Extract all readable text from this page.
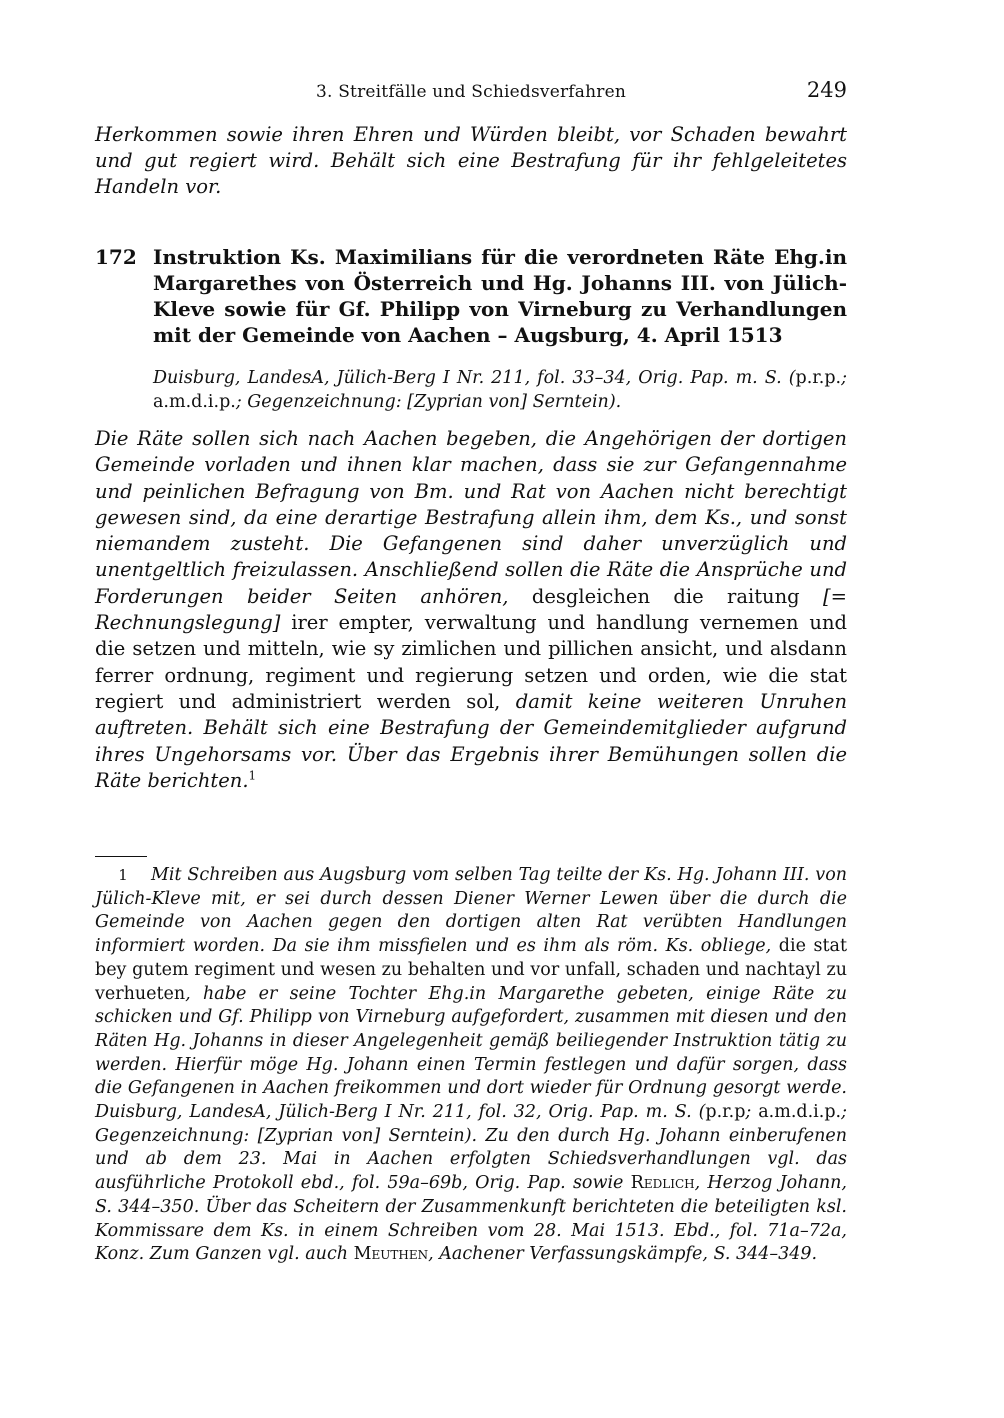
3. Streitfälle und Schiedsverfahren	249

Herkommen sowie ihren Ehren und Würden bleibt, vor Schaden bewahrt und gut regiert wird. Behält sich eine Bestrafung für ihr fehlgeleitetes Handeln vor.

172 Instruktion Ks. Maximilians für die verordneten Räte Ehg.in Margarethes von Österreich und Hg. Johanns III. von Jülich-Kleve sowie für Gf. Philipp von Virneburg zu Verhandlungen mit der Gemeinde von Aachen – Augsburg, 4. April 1513

Duisburg, LandesA, Jülich-Berg I Nr. 211, fol. 33–34, Orig. Pap. m. S. (p.r.p.; a.m.d.i.p.; Gegenzeichnung: [Zyprian von] Serntein).

Die Räte sollen sich nach Aachen begeben, die Angehörigen der dortigen Gemeinde vorladen und ihnen klar machen, dass sie zur Gefangennahme und peinlichen Befragung von Bm. und Rat von Aachen nicht berechtigt gewesen sind, da eine derartige Bestrafung allein ihm, dem Ks., und sonst niemandem zusteht. Die Gefangenen sind daher unverzüglich und unentgeltlich freizulassen. Anschließend sollen die Räte die Ansprüche und Forderungen beider Seiten anhören, desgleichen die raitung [= Rechnungslegung] irer empter, verwaltung und handlung vernemen und die setzen und mitteln, wie sy zimlichen und pillichen ansicht, und alsdann ferrer ordnung, regiment und regierung setzen und orden, wie die stat regiert und administriert werden sol, damit keine weiteren Unruhen auftreten. Behält sich eine Bestrafung der Gemeindemitglieder aufgrund ihres Ungehorsams vor. Über das Ergebnis ihrer Bemühungen sollen die Räte berichten.$^1$

1 Mit Schreiben aus Augsburg vom selben Tag teilte der Ks. Hg. Johann III. von Jülich-Kleve mit, er sei durch dessen Diener Werner Lewen über die durch die Gemeinde von Aachen gegen den dortigen alten Rat verübten Handlungen informiert worden. Da sie ihm missfielen und es ihm als röm. Ks. obliege, die stat bey gutem regiment und wesen zu behalten und vor unfall, schaden und nachtayl zu verhueten, habe er seine Tochter Ehg.in Margarethe gebeten, einige Räte zu schicken und Gf. Philipp von Virneburg aufgefordert, zusammen mit diesen und den Räten Hg. Johanns in dieser Angelegenheit gemäß beiliegender Instruktion tätig zu werden. Hierfür möge Hg. Johann einen Termin festlegen und dafür sorgen, dass die Gefangenen in Aachen freikommen und dort wieder für Ordnung gesorgt werde. Duisburg, LandesA, Jülich-Berg I Nr. 211, fol. 32, Orig. Pap. m. S. (p.r.p; a.m.d.i.p.; Gegenzeichnung: [Zyprian von] Serntein). Zu den durch Hg. Johann einberufenen und ab dem 23. Mai in Aachen erfolgten Schiedsverhandlungen vgl. das ausführliche Protokoll ebd., fol. 59a–69b, Orig. Pap. sowie Redlich, Herzog Johann, S. 344–350. Über das Scheitern der Zusammenkunft berichteten die beteiligten ksl. Kommissare dem Ks. in einem Schreiben vom 28. Mai 1513. Ebd., fol. 71a–72a, Konz. Zum Ganzen vgl. auch Meuthen, Aachener Verfassungskämpfe, S. 344–349.
